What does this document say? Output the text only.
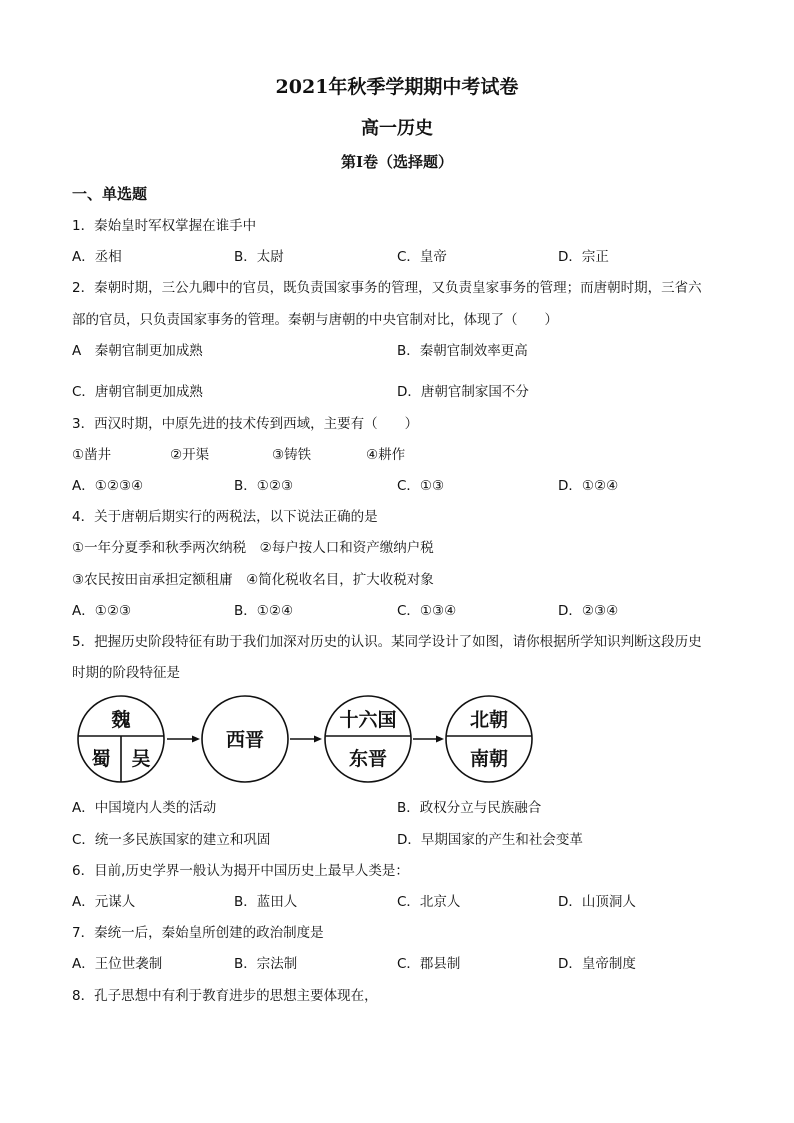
2021年秋季学期期中考试卷
高一历史
第Ⅰ卷（选择题）
一、单选题
1．秦始皇时军权掌握在谁手中
A．丞相	B．太尉	C．皇帝	D．宗正
2．秦朝时期，三公九卿中的官员，既负责国家事务的管理，又负责皇家事务的管理；而唐朝时期，三省六
部的官员，只负责国家事务的管理。秦朝与唐朝的中央官制对比，体现了（　　）
A　秦朝官制更加成熟	B．秦朝官制效率更高
C．唐朝官制更加成熟	D．唐朝官制家国不分
3．西汉时期，中原先进的技术传到西域，主要有（　　）
①凿井	②开渠	③铸铁	④耕作
A．①②③④	B．①②③	C．①③	D．①②④
4．关于唐朝后期实行的两税法，以下说法正确的是
①一年分夏季和秋季两次纳税　②每户按人口和资产缴纳户税
③农民按田亩承担定额租庸　④简化税收名目，扩大收税对象
A．①②③	B．①②④	C．①③④	D．②③④
5．把握历史阶段特征有助于我们加深对历史的认识。某同学设计了如图，请你根据所学知识判断这段历史
时期的阶段特征是
魏
蜀 吴
西晋
十六国
东晋
北朝
南朝
A．中国境内人类的活动	B．政权分立与民族融合
C．统一多民族国家的建立和巩固	D．早期国家的产生和社会变革
6．目前,历史学界一般认为揭开中国历史上最早人类是：
A．元谋人	B．蓝田人	C．北京人	D．山顶洞人
7．秦统一后，秦始皇所创建的政治制度是
A．王位世袭制	B．宗法制	C．郡县制	D．皇帝制度
8．孔子思想中有利于教育进步的思想主要体现在，
